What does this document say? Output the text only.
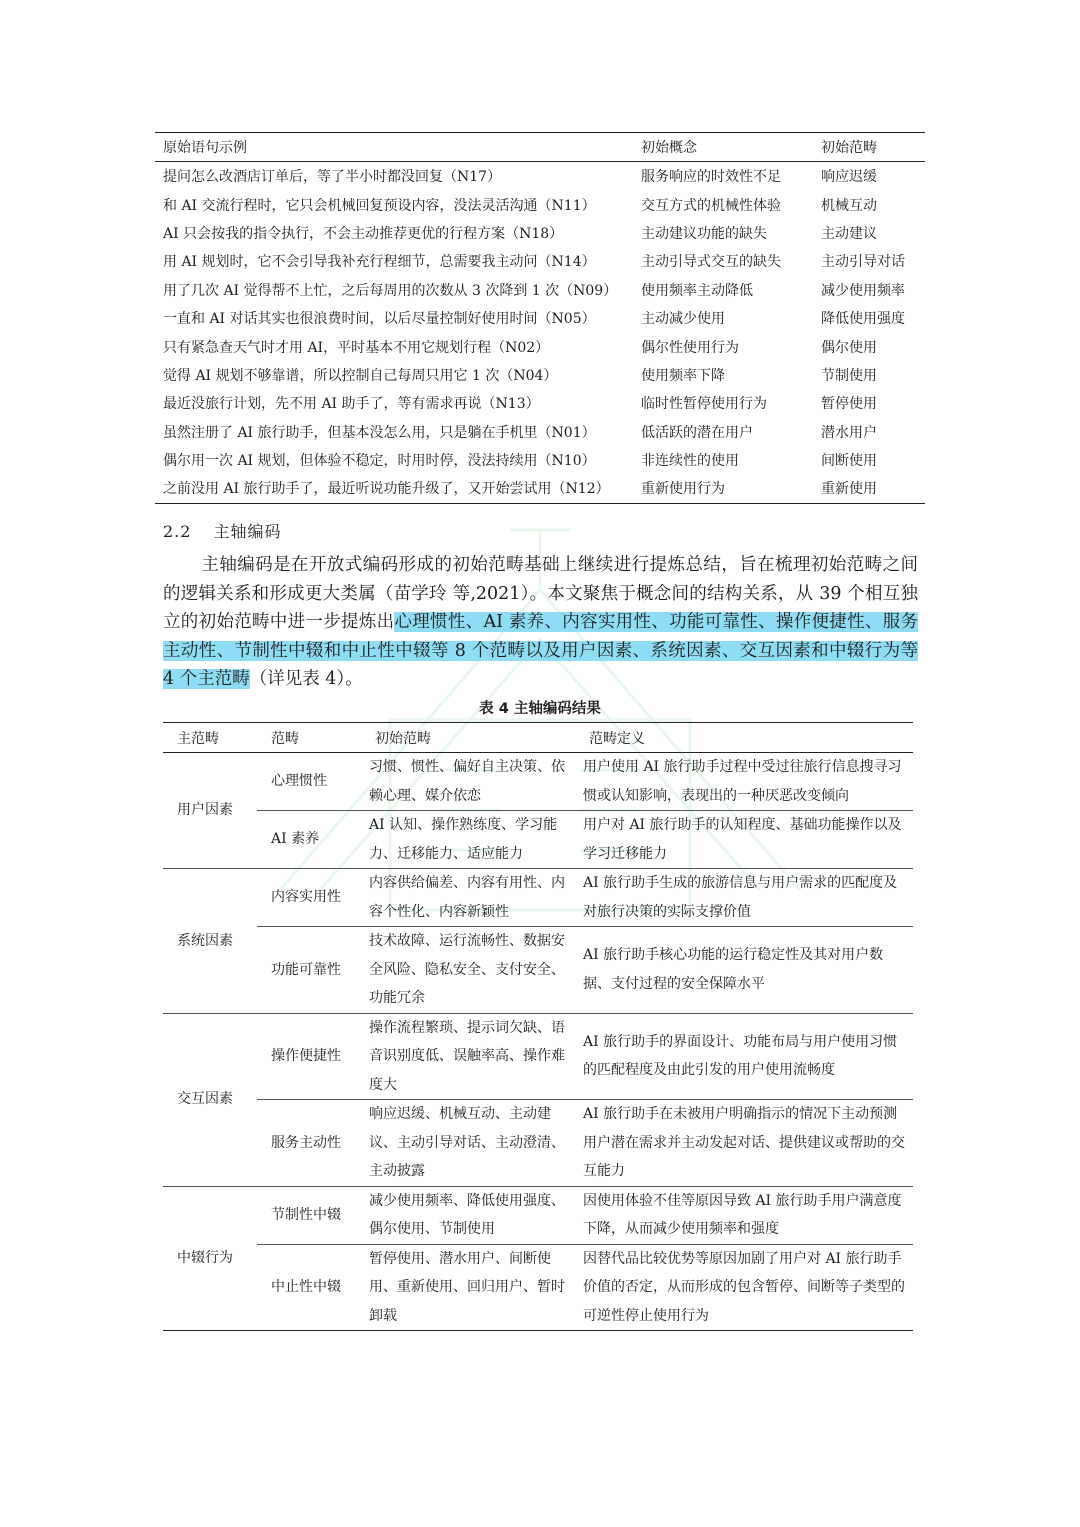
原始语句示例	初始概念	初始范畴
提问怎么改酒店订单后，等了半小时都没回复（N17）	服务响应的时效性不足	响应迟缓
和 AI 交流行程时，它只会机械回复预设内容，没法灵活沟通（N11）	交互方式的机械性体验	机械互动
AI 只会按我的指令执行，不会主动推荐更优的行程方案（N18）	主动建议功能的缺失	主动建议
用 AI 规划时，它不会引导我补充行程细节，总需要我主动问（N14）	主动引导式交互的缺失	主动引导对话
用了几次 AI 觉得帮不上忙，之后每周用的次数从 3 次降到 1 次（N09）	使用频率主动降低	减少使用频率
一直和 AI 对话其实也很浪费时间，以后尽量控制好使用时间（N05）	主动减少使用	降低使用强度
只有紧急查天气时才用 AI，平时基本不用它规划行程（N02）	偶尔性使用行为	偶尔使用
觉得 AI 规划不够靠谱，所以控制自己每周只用它 1 次（N04）	使用频率下降	节制使用
最近没旅行计划，先不用 AI 助手了，等有需求再说（N13）	临时性暂停使用行为	暂停使用
虽然注册了 AI 旅行助手，但基本没怎么用，只是躺在手机里（N01）	低活跃的潜在用户	潜水用户
偶尔用一次 AI 规划，但体验不稳定，时用时停，没法持续用（N10）	非连续性的使用	间断使用
之前没用 AI 旅行助手了，最近听说功能升级了，又开始尝试用（N12）	重新使用行为	重新使用
2.2 主轴编码
主轴编码是在开放式编码形成的初始范畴基础上继续进行提炼总结，旨在梳理初始范畴之间的逻辑关系和形成更大类属（苗学玲 等,2021）。本文聚焦于概念间的结构关系，从 39 个相互独立的初始范畴中进一步提炼出心理惯性、AI 素养、内容实用性、功能可靠性、操作便捷性、服务主动性、节制性中辍和中止性中辍等 8 个范畴以及用户因素、系统因素、交互因素和中辍行为等 4 个主范畴（详见表 4）。
表 4 主轴编码结果
主范畴	范畴	初始范畴	范畴定义
用户因素	心理惯性	习惯、惯性、偏好自主决策、依赖心理、媒介依恋	用户使用 AI 旅行助手过程中受过往旅行信息搜寻习惯或认知影响，表现出的一种厌恶改变倾向
	AI 素养	AI 认知、操作熟练度、学习能力、迁移能力、适应能力	用户对 AI 旅行助手的认知程度、基础功能操作以及学习迁移能力
系统因素	内容实用性	内容供给偏差、内容有用性、内容个性化、内容新颖性	AI 旅行助手生成的旅游信息与用户需求的匹配度及对旅行决策的实际支撑价值
	功能可靠性	技术故障、运行流畅性、数据安全风险、隐私安全、支付安全、功能冗余	AI 旅行助手核心功能的运行稳定性及其对用户数据、支付过程的安全保障水平
交互因素	操作便捷性	操作流程繁琐、提示词欠缺、语音识别度低、误触率高、操作难度大	AI 旅行助手的界面设计、功能布局与用户使用习惯的匹配程度及由此引发的用户使用流畅度
	服务主动性	响应迟缓、机械互动、主动建议、主动引导对话、主动澄清、主动披露	AI 旅行助手在未被用户明确指示的情况下主动预测用户潜在需求并主动发起对话、提供建议或帮助的交互能力
中辍行为	节制性中辍	减少使用频率、降低使用强度、偶尔使用、节制使用	因使用体验不佳等原因导致 AI 旅行助手用户满意度下降，从而减少使用频率和强度
	中止性中辍	暂停使用、潜水用户、间断使用、重新使用、回归用户、暂时卸载	因替代品比较优势等原因加剧了用户对 AI 旅行助手价值的否定，从而形成的包含暂停、间断等子类型的可逆性停止使用行为
